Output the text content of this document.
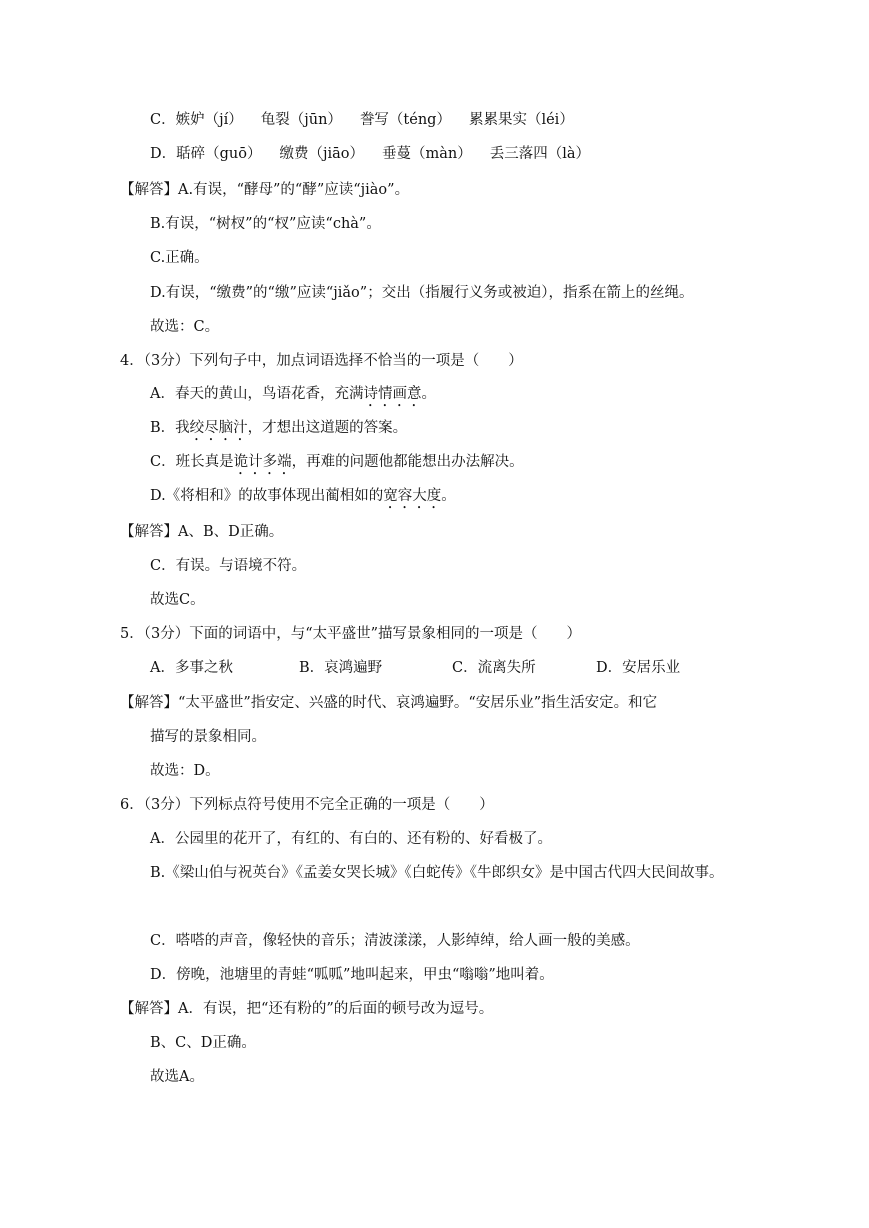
C．嫉妒（jí） 龟裂（jūn） 誊写（téng） 累累果实（léi）
D．聒碎（guō） 缴费（jiāo） 垂蔓（màn） 丢三落四（là）
【解答】A.有误，“酵母”的“酵”应读“jiào”。
B.有误，“树杈”的“杈”应读“chà”。
C.正确。
D.有误，“缴费”的“缴”应读“jiǎo”；交出（指履行义务或被迫），指系在箭上的丝绳。
故选：C。
4．（3分）下列句子中，加点词语选择不恰当的一项是（　　）
A．春天的黄山，鸟语花香，充满诗情画意。
B．我绞尽脑汁，才想出这道题的答案。
C．班长真是诡计多端，再难的问题他都能想出办法解决。
D.《将相和》的故事体现出蔺相如的宽容大度。
【解答】A、B、D正确。
C．有误。与语境不符。
故选C。
5．（3分）下面的词语中，与“太平盛世”描写景象相同的一项是（　　）
A．多事之秋	B．哀鸿遍野	C．流离失所	D．安居乐业
【解答】“太平盛世”指安定、兴盛的时代、哀鸿遍野。“安居乐业”指生活安定。和它
描写的景象相同。
故选：D。
6．（3分）下列标点符号使用不完全正确的一项是（　　）
A．公园里的花开了，有红的、有白的、还有粉的、好看极了。
B.《梁山伯与祝英台》《孟姜女哭长城》《白蛇传》《牛郎织女》是中国古代四大民间故事。
C．嗒嗒的声音，像轻快的音乐；清波漾漾，人影绰绰，给人画一般的美感。
D．傍晚，池塘里的青蛙“呱呱”地叫起来，甲虫“嗡嗡”地叫着。
【解答】A．有误，把“还有粉的”的后面的顿号改为逗号。
B、C、D正确。
故选A。
